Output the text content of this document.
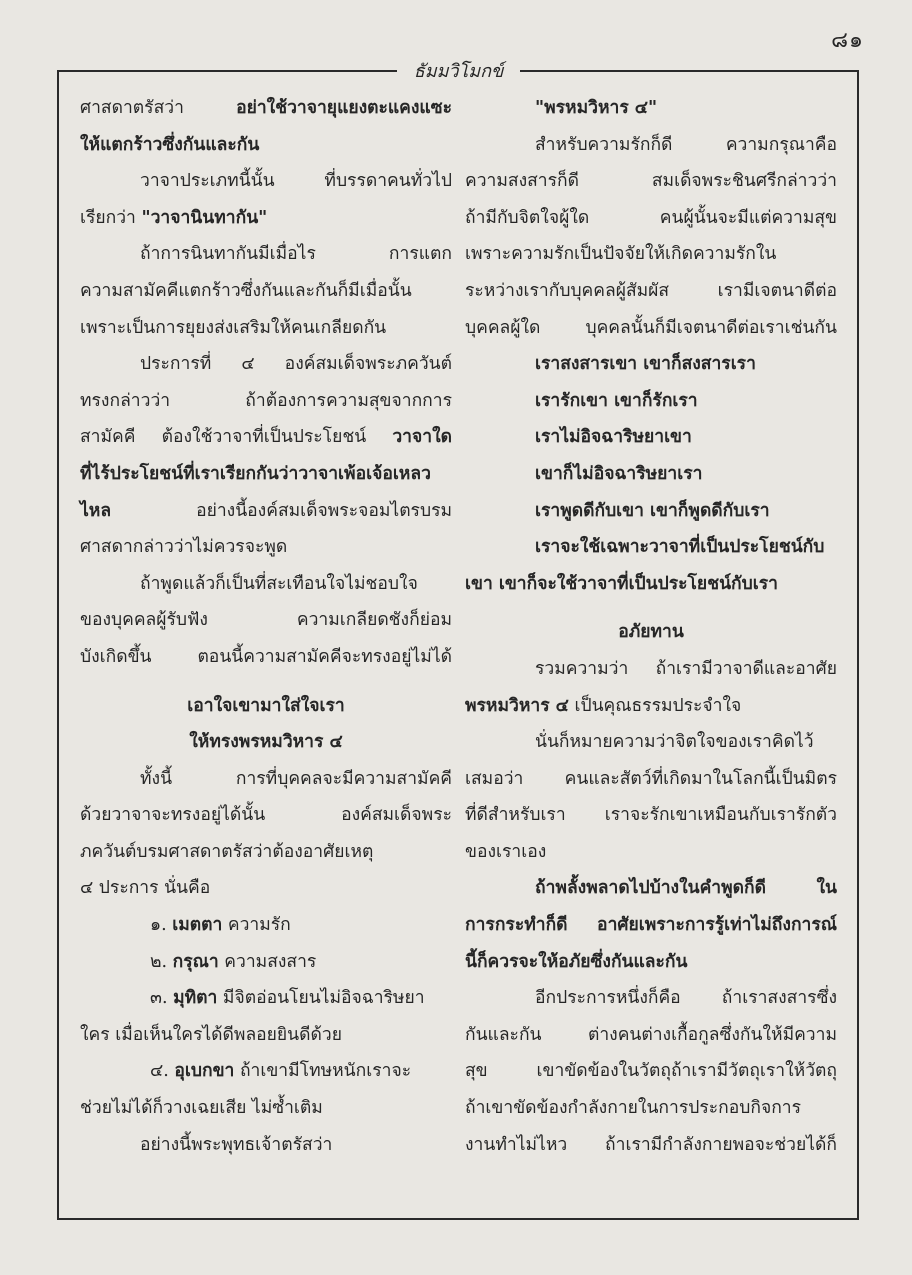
๘๑
ธัมมวิโมกข์

ศาสดาตรัสว่า อย่าใช้วาจายุแยงตะแคงแซะ

ให้แตกร้าวซึ่งกันและกัน

วาจาประเภทนี้นั้น ที่บรรดาคนทั่วไป

เรียกว่า "วาจานินทากัน"

ถ้าการนินทากันมีเมื่อไร การแตก

ความสามัคคีแตกร้าวซึ่งกันและกันก็มีเมื่อนั้น

เพราะเป็นการยุยงส่งเสริมให้คนเกลียดกัน

ประการที่ ๔ องค์สมเด็จพระภควันต์

ทรงกล่าวว่า ถ้าต้องการความสุขจากการ

สามัคคี ต้องใช้วาจาที่เป็นประโยชน์ วาจาใด

ที่ไร้ประโยชน์ที่เราเรียกกันว่าวาจาเพ้อเจ้อเหลว

ไหล อย่างนี้องค์สมเด็จพระจอมไตรบรม

ศาสดากล่าวว่าไม่ควรจะพูด

ถ้าพูดแล้วก็เป็นที่สะเทือนใจไม่ชอบใจ

ของบุคคลผู้รับฟัง ความเกลียดชังก็ย่อม

บังเกิดขึ้น ตอนนี้ความสามัคคีจะทรงอยู่ไม่ได้

เอาใจเขามาใส่ใจเรา

ให้ทรงพรหมวิหาร ๔

ทั้งนี้ การที่บุคคลจะมีความสามัคคี

ด้วยวาจาจะทรงอยู่ได้นั้น องค์สมเด็จพระ

ภควันต์บรมศาสดาตรัสว่าต้องอาศัยเหตุ

๔ ประการ นั่นคือ

๑. เมตตา ความรัก

๒. กรุณา ความสงสาร

๓. มุทิตา มีจิตอ่อนโยนไม่อิจฉาริษยา

ใคร เมื่อเห็นใครได้ดีพลอยยินดีด้วย

๔. อุเบกขา ถ้าเขามีโทษหนักเราจะ

ช่วยไม่ได้ก็วางเฉยเสีย ไม่ซ้ำเติม

อย่างนี้พระพุทธเจ้าตรัสว่า

"พรหมวิหาร ๔"

สำหรับความรักก็ดี ความกรุณาคือ

ความสงสารก็ดี สมเด็จพระชินศรีกล่าวว่า

ถ้ามีกับจิตใจผู้ใด คนผู้นั้นจะมีแต่ความสุข

เพราะความรักเป็นปัจจัยให้เกิดความรักใน

ระหว่างเรากับบุคคลผู้สัมผัส เรามีเจตนาดีต่อ

บุคคลผู้ใด บุคคลนั้นก็มีเจตนาดีต่อเราเช่นกัน

เราสงสารเขา เขาก็สงสารเรา

เรารักเขา เขาก็รักเรา

เราไม่อิจฉาริษยาเขา

เขาก็ไม่อิจฉาริษยาเรา

เราพูดดีกับเขา เขาก็พูดดีกับเรา

เราจะใช้เฉพาะวาจาที่เป็นประโยชน์กับ

เขา เขาก็จะใช้วาจาที่เป็นประโยชน์กับเรา

อภัยทาน

รวมความว่า ถ้าเรามีวาจาดีและอาศัย

พรหมวิหาร ๔ เป็นคุณธรรมประจำใจ

นั่นก็หมายความว่าจิตใจของเราคิดไว้

เสมอว่า คนและสัตว์ที่เกิดมาในโลกนี้เป็นมิตร

ที่ดีสำหรับเรา เราจะรักเขาเหมือนกับเรารักตัว

ของเราเอง

ถ้าพลั้งพลาดไปบ้างในคำพูดก็ดี ใน

การกระทำก็ดี อาศัยเพราะการรู้เท่าไม่ถึงการณ์

นี้ก็ควรจะให้อภัยซึ่งกันและกัน

อีกประการหนึ่งก็คือ ถ้าเราสงสารซึ่ง

กันและกัน ต่างคนต่างเกื้อกูลซึ่งกันให้มีความ

สุข เขาขัดข้องในวัตถุถ้าเรามีวัตถุเราให้วัตถุ

ถ้าเขาขัดข้องกำลังกายในการประกอบกิจการ

งานทำไม่ไหว ถ้าเรามีกำลังกายพอจะช่วยได้ก็
